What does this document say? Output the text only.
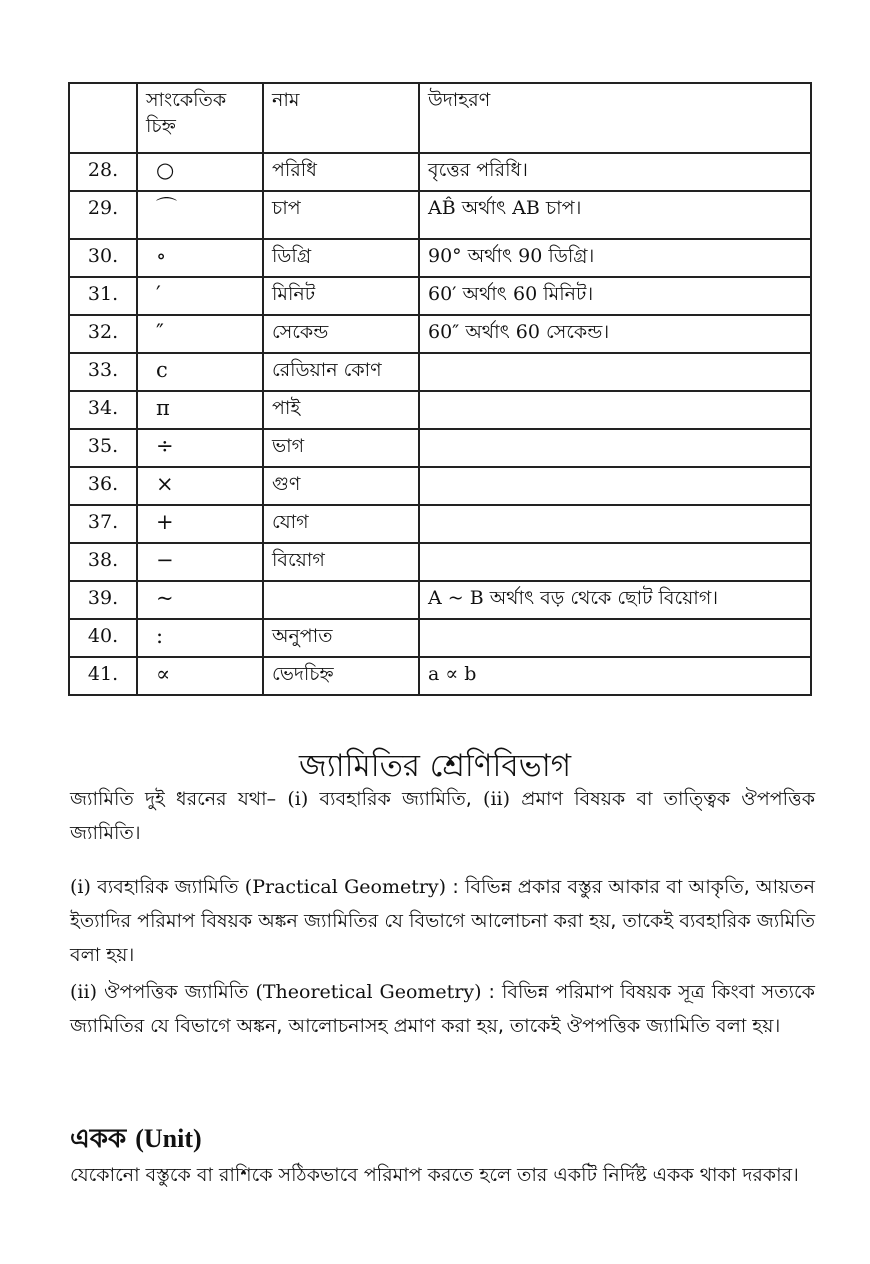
	সাংকেতিক চিহ্ন	নাম	উদাহরণ
28.	○	পরিধি	বৃত্তের পরিধি।
29.	⌒	চাপ	AB̂ অর্থাৎ AB চাপ।
30.	∘	ডিগ্রি	90° অর্থাৎ 90 ডিগ্রি।
31.	′	মিনিট	60′ অর্থাৎ 60 মিনিট।
32.	″	সেকেন্ড	60″ অর্থাৎ 60 সেকেন্ড।
33.	c	রেডিয়ান কোণ	
34.	π	পাই	
35.	÷	ভাগ	
36.	×	গুণ	
37.	+	যোগ	
38.	−	বিয়োগ	
39.	~		A ~ B অর্থাৎ বড় থেকে ছোট বিয়োগ।
40.	:	অনুপাত	
41.	∝	ভেদচিহ্ন	a ∝ b
জ্যামিতির শ্রেণিবিভাগ

জ্যামিতি দুই ধরনের যথা– (i) ব্যবহারিক জ্যামিতি, (ii) প্রমাণ বিষয়ক বা তাত্ত্বিক ঔপপত্তিক জ্যামিতি।

(i) ব্যবহারিক জ্যামিতি (Practical Geometry) : বিভিন্ন প্রকার বস্তুর আকার বা আকৃতি, আয়তন ইত্যাদির পরিমাপ বিষয়ক অঙ্কন জ্যামিতির যে বিভাগে আলোচনা করা হয়, তাকেই ব্যবহারিক জ্যমিতি বলা হয়।

(ii) ঔপপত্তিক জ্যামিতি (Theoretical Geometry) : বিভিন্ন পরিমাপ বিষয়ক সূত্র কিংবা সত্যকে জ্যামিতির যে বিভাগে অঙ্কন, আলোচনাসহ প্রমাণ করা হয়, তাকেই ঔপপত্তিক জ্যামিতি বলা হয়।

একক (Unit)

যেকোনো বস্তুকে বা রাশিকে সঠিকভাবে পরিমাপ করতে হলে তার একটি নির্দিষ্ট একক থাকা দরকার।
